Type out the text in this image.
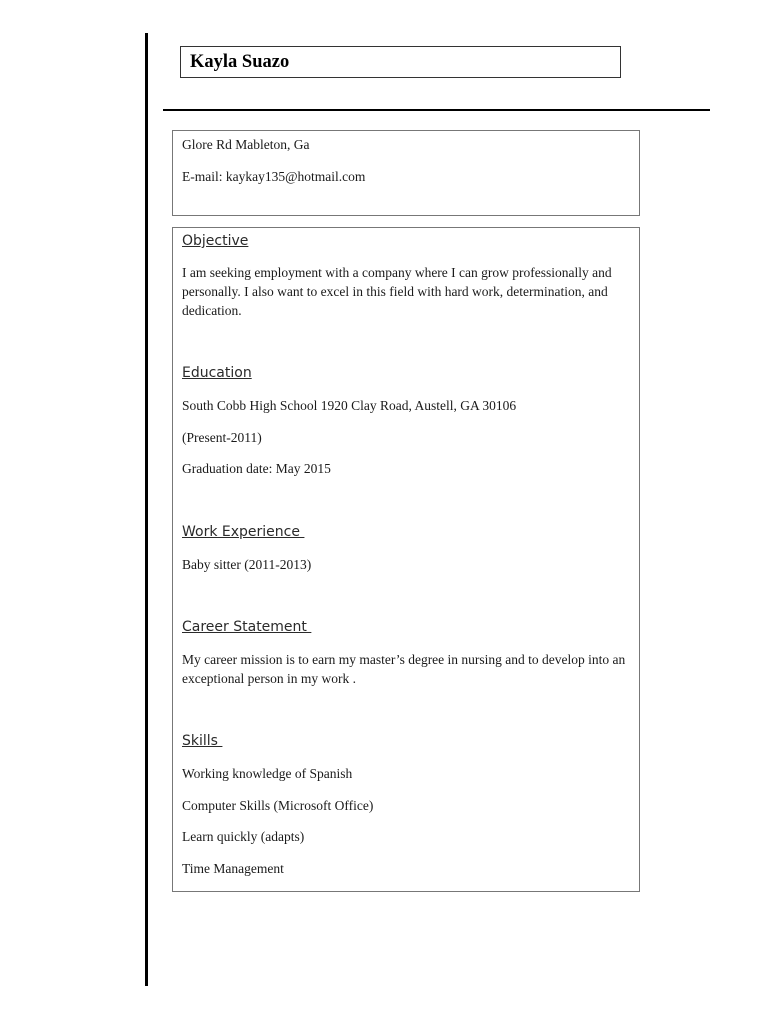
Kayla Suazo
Glore Rd Mableton, Ga
E-mail: kaykay135@hotmail.com
Objective
I am seeking employment with a company where I can grow professionally and personally. I also want to excel in this field with hard work, determination, and dedication.
Education
South Cobb High School 1920 Clay Road, Austell, GA 30106
(Present-2011)
Graduation date: May 2015
Work Experience
Baby sitter (2011-2013)
Career Statement
My career mission is to earn my master’s degree in nursing and to develop into an exceptional person in my work .
Skills
Working knowledge of Spanish
Computer Skills (Microsoft Office)
Learn quickly (adapts)
Time Management
